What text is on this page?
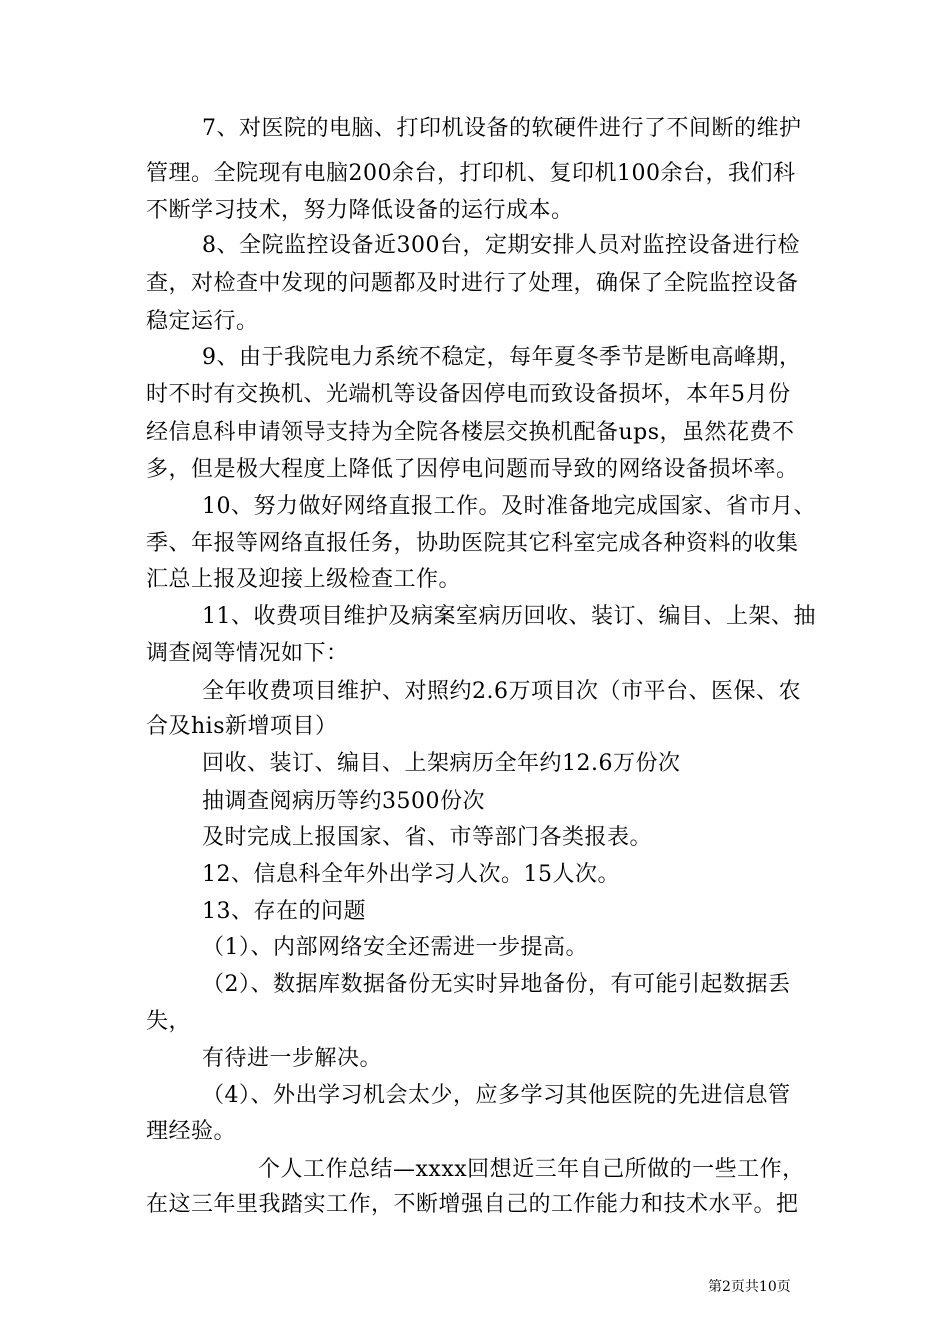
7、对医院的电脑、打印机设备的软硬件进行了不间断的维护
管理。全院现有电脑200余台，打印机、复印机100余台，我们科
不断学习技术，努力降低设备的运行成本。
8、全院监控设备近300台，定期安排人员对监控设备进行检
查，对检查中发现的问题都及时进行了处理，确保了全院监控设备
稳定运行。
9、由于我院电力系统不稳定，每年夏冬季节是断电高峰期，
时不时有交换机、光端机等设备因停电而致设备损坏，本年5月份
经信息科申请领导支持为全院各楼层交换机配备ups，虽然花费不
多，但是极大程度上降低了因停电问题而导致的网络设备损坏率。
10、努力做好网络直报工作。及时准备地完成国家、省市月、
季、年报等网络直报任务，协助医院其它科室完成各种资料的收集
汇总上报及迎接上级检查工作。
11、收费项目维护及病案室病历回收、装订、编目、上架、抽
调查阅等情况如下：
全年收费项目维护、对照约2.6万项目次（市平台、医保、农
合及his新增项目）
回收、装订、编目、上架病历全年约12.6万份次
抽调查阅病历等约3500份次
及时完成上报国家、省、市等部门各类报表。
12、信息科全年外出学习人次。15人次。
13、存在的问题
（1）、内部网络安全还需进一步提高。
（2）、数据库数据备份无实时异地备份，有可能引起数据丢
失，
有待进一步解决。
（4）、外出学习机会太少，应多学习其他医院的先进信息管
理经验。
个人工作总结—xxxx回想近三年自己所做的一些工作，
在这三年里我踏实工作，不断增强自己的工作能力和技术水平。把
第2页共10页
